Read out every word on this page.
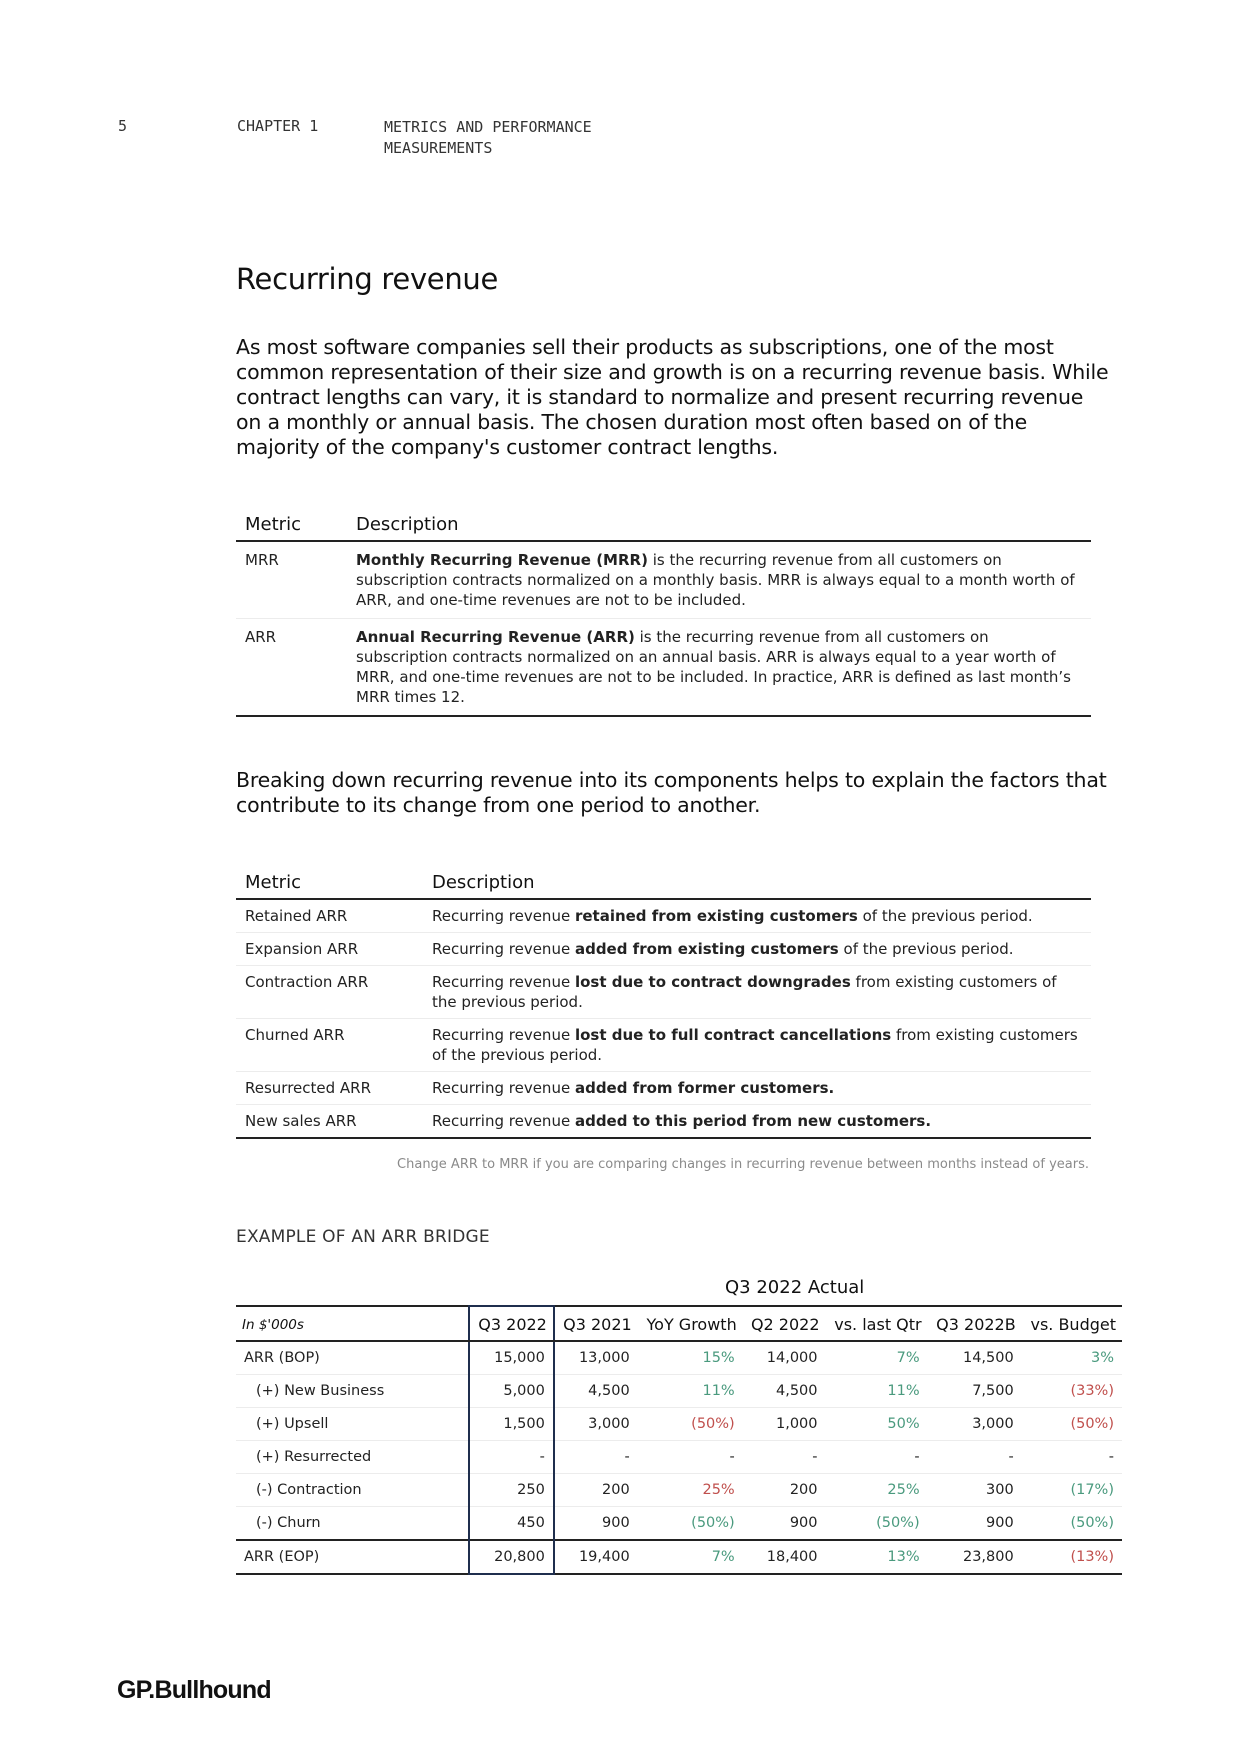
5	CHAPTER 1	METRICS AND PERFORMANCE MEASUREMENTS
Recurring revenue

As most software companies sell their products as subscriptions, one of the most common representation of their size and growth is on a recurring revenue basis. While contract lengths can vary, it is standard to normalize and present recurring revenue on a monthly or annual basis. The chosen duration most often based on of the majority of the company's customer contract lengths.

Metric	Description
MRR	Monthly Recurring Revenue (MRR) is the recurring revenue from all customers on subscription contracts normalized on a monthly basis. MRR is always equal to a month worth of ARR, and one-time revenues are not to be included.
ARR	Annual Recurring Revenue (ARR) is the recurring revenue from all customers on subscription contracts normalized on an annual basis. ARR is always equal to a year worth of MRR, and one-time revenues are not to be included. In practice, ARR is defined as last month’s MRR times 12.

Breaking down recurring revenue into its components helps to explain the factors that contribute to its change from one period to another.

Metric	Description
Retained ARR	Recurring revenue retained from existing customers of the previous period.
Expansion ARR	Recurring revenue added from existing customers of the previous period.
Contraction ARR	Recurring revenue lost due to contract downgrades from existing customers of the previous period.
Churned ARR	Recurring revenue lost due to full contract cancellations from existing customers of the previous period.
Resurrected ARR	Recurring revenue added from former customers.
New sales ARR	Recurring revenue added to this period from new customers.
Change ARR to MRR if you are comparing changes in recurring revenue between months instead of years.
EXAMPLE OF AN ARR BRIDGE
Q3 2022 Actual
In $'000s	Q3 2022	Q3 2021	YoY Growth	Q2 2022	vs. last Qtr	Q3 2022B	vs. Budget
ARR (BOP)	15,000	13,000	15%	14,000	7%	14,500	3%
(+) New Business	5,000	4,500	11%	4,500	11%	7,500	(33%)
(+) Upsell	1,500	3,000	(50%)	1,000	50%	3,000	(50%)
(+) Resurrected	-	-	-	-	-	-	-
(-) Contraction	250	200	25%	200	25%	300	(17%)
(-) Churn	450	900	(50%)	900	(50%)	900	(50%)
ARR (EOP)	20,800	19,400	7%	18,400	13%	23,800	(13%)
GP.Bullhound
